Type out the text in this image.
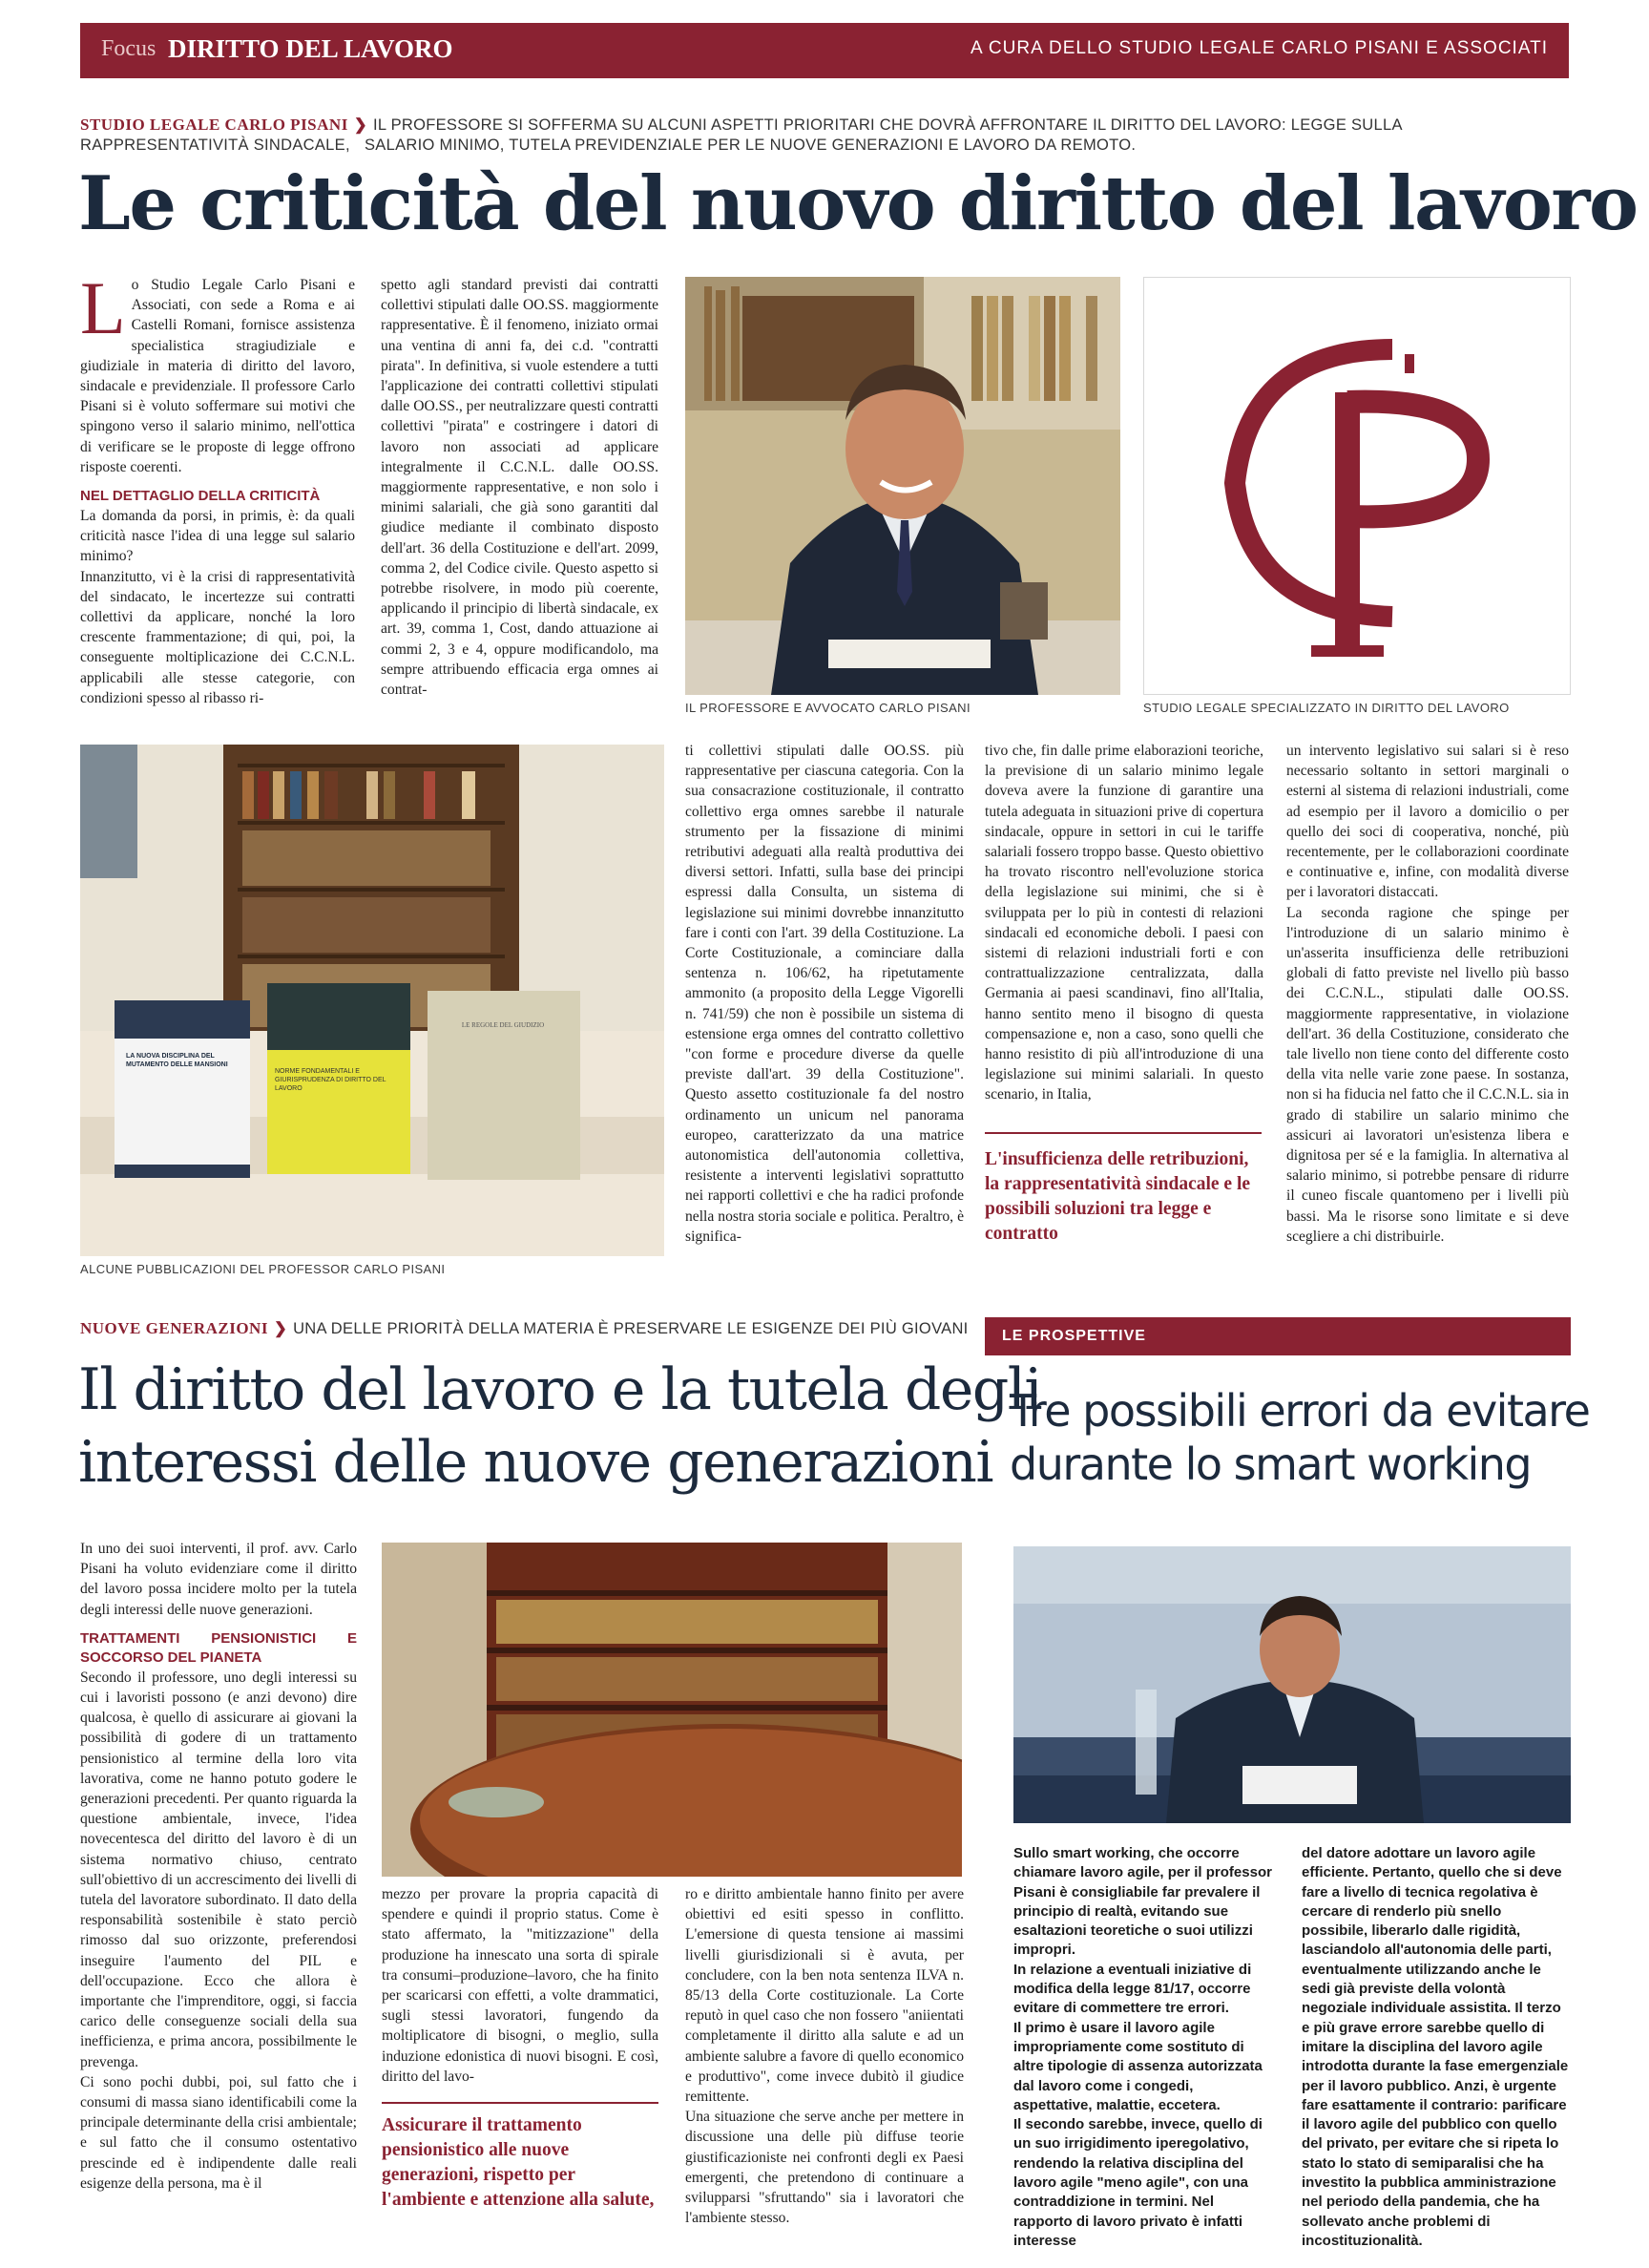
Focus DIRITTO DEL LAVORO	A CURA DELLO STUDIO LEGALE CARLO PISANI E ASSOCIATI
STUDIO LEGALE CARLO PISANI ❯ IL PROFESSORE SI SOFFERMA SU ALCUNI ASPETTI PRIORITARI CHE DOVRÀ AFFRONTARE IL DIRITTO DEL LAVORO: LEGGE SULLA RAPPRESENTATIVITÀ SINDACALE, SALARIO MINIMO, TUTELA PREVIDENZIALE PER LE NUOVE GENERAZIONI E LAVORO DA REMOTO.
Le criticità del nuovo diritto del lavoro

Lo Studio Legale Carlo Pisani e Associati, con sede a Roma e ai Castelli Romani, fornisce assistenza specialistica stragiudiziale e giudiziale in materia di diritto del lavoro, sindacale e previdenziale. Il professore Carlo Pisani si è voluto soffermare sui motivi che spingono verso il salario minimo, nell'ottica di verificare se le proposte di legge offrono risposte coerenti.

NEL DETTAGLIO DELLA CRITICITÀ

La domanda da porsi, in primis, è: da quali criticità nasce l'idea di una legge sul salario minimo?

Innanzitutto, vi è la crisi di rappresentatività del sindacato, le incertezze sui contratti collettivi da applicare, nonché la loro crescente frammentazione; di qui, poi, la conseguente moltiplicazione dei C.C.N.L. applicabili alle stesse categorie, con condizioni spesso al ribasso ri-

spetto agli standard previsti dai contratti collettivi stipulati dalle OO.SS. maggiormente rappresentative. È il fenomeno, iniziato ormai una ventina di anni fa, dei c.d. "contratti pirata". In definitiva, si vuole estendere a tutti l'applicazione dei contratti collettivi stipulati dalle OO.SS., per neutralizzare questi contratti collettivi "pirata" e costringere i datori di lavoro non associati ad applicare integralmente il C.C.N.L. dalle OO.SS. maggiormente rappresentative, e non solo i minimi salariali, che già sono garantiti dal giudice mediante il combinato disposto dell'art. 36 della Costituzione e dell'art. 2099, comma 2, del Codice civile. Questo aspetto si potrebbe risolvere, in modo più coerente, applicando il principio di libertà sindacale, ex art. 39, comma 1, Cost, dando attuazione ai commi 2, 3 e 4, oppure modificandolo, ma sempre attribuendo efficacia erga omnes ai contrat-
IL PROFESSORE E AVVOCATO CARLO PISANI	STUDIO LEGALE SPECIALIZZATO IN DIRITTO DEL LAVORO
LA NUOVA DISCIPLINA DEL MUTAMENTO DELLE MANSIONI
NORME FONDAMENTALI E GIURISPRUDENZA DI DIRITTO DEL LAVORO
LE REGOLE DEL GIUDIZIO
ALCUNE PUBBLICAZIONI DEL PROFESSOR CARLO PISANI
ti collettivi stipulati dalle OO.SS. più rappresentative per ciascuna categoria. Con la sua consacrazione costituzionale, il contratto collettivo erga omnes sarebbe il naturale strumento per la fissazione di minimi retributivi adeguati alla realtà produttiva dei diversi settori. Infatti, sulla base dei principi espressi dalla Consulta, un sistema di legislazione sui minimi dovrebbe innanzitutto fare i conti con l'art. 39 della Costituzione. La Corte Costituzionale, a cominciare dalla sentenza n. 106/62, ha ripetutamente ammonito (a proposito della Legge Vigorelli n. 741/59) che non è possibile un sistema di estensione erga omnes del contratto collettivo "con forme e procedure diverse da quelle previste dall'art. 39 della Costituzione". Questo assetto costituzionale fa del nostro ordinamento un unicum nel panorama europeo, caratterizzato da una matrice autonomistica dell'autonomia collettiva, resistente a interventi legislativi soprattutto nei rapporti collettivi e che ha radici profonde nella nostra storia sociale e politica. Peraltro, è significa-
tivo che, fin dalle prime elaborazioni teoriche, la previsione di un salario minimo legale doveva avere la funzione di garantire una tutela adeguata in situazioni prive di copertura sindacale, oppure in settori in cui le tariffe salariali fossero troppo basse. Questo obiettivo ha trovato riscontro nell'evoluzione storica della legislazione sui minimi, che si è sviluppata per lo più in contesti di relazioni sindacali ed economiche deboli. I paesi con sistemi di relazioni industriali forti e con contrattualizzazione centralizzata, dalla Germania ai paesi scandinavi, fino all'Italia, hanno sentito meno il bisogno di questa compensazione e, non a caso, sono quelli che hanno resistito di più all'introduzione di una legislazione sui minimi salariali. In questo scenario, in Italia,
L'insufficienza delle retribuzioni, la rappresentatività sindacale e le possibili soluzioni tra legge e contratto

un intervento legislativo sui salari si è reso necessario soltanto in settori marginali o esterni al sistema di relazioni industriali, come ad esempio per il lavoro a domicilio o per quello dei soci di cooperativa, nonché, più recentemente, per le collaborazioni coordinate e continuative e, infine, con modalità diverse per i lavoratori distaccati.

La seconda ragione che spinge per l'introduzione di un salario minimo è un'asserita insufficienza delle retribuzioni globali di fatto previste nel livello più basso dei C.C.N.L., stipulati dalle OO.SS. maggiormente rappresentative, in violazione dell'art. 36 della Costituzione, considerato che tale livello non tiene conto del differente costo della vita nelle varie zone paese. In sostanza, non si ha fiducia nel fatto che il C.C.N.L. sia in grado di stabilire un salario minimo che assicuri ai lavoratori un'esistenza libera e dignitosa per sé e la famiglia. In alternativa al salario minimo, si potrebbe pensare di ridurre il cuneo fiscale quantomeno per i livelli più bassi. Ma le risorse sono limitate e si deve scegliere a chi distribuirle.

NUOVE GENERAZIONI ❯ UNA DELLE PRIORITÀ DELLA MATERIA È PRESERVARE LE ESIGENZE DEI PIÙ GIOVANI
Il diritto del lavoro e la tutela degli
interessi delle nuove generazioni

In uno dei suoi interventi, il prof. avv. Carlo Pisani ha voluto evidenziare come il diritto del lavoro possa incidere molto per la tutela degli interessi delle nuove generazioni.

TRATTAMENTI PENSIONISTICI E SOCCORSO DEL PIANETA

Secondo il professore, uno degli interessi su cui i lavoristi possono (e anzi devono) dire qualcosa, è quello di assicurare ai giovani la possibilità di godere di un trattamento pensionistico al termine della loro vita lavorativa, come ne hanno potuto godere le generazioni precedenti. Per quanto riguarda la questione ambientale, invece, l'idea novecentesca del diritto del lavoro è di un sistema normativo chiuso, centrato sull'obiettivo di un accrescimento dei livelli di tutela del lavoratore subordinato. Il dato della responsabilità sostenibile è stato perciò rimosso dal suo orizzonte, preferendosi inseguire l'aumento del PIL e dell'occupazione. Ecco che allora è importante che l'imprenditore, oggi, si faccia carico delle conseguenze sociali della sua inefficienza, e prima ancora, possibilmente le prevenga.

Ci sono pochi dubbi, poi, sul fatto che i consumi di massa siano identificabili come la principale determinante della crisi ambientale; e sul fatto che il consumo ostentativo prescinde ed è indipendente dalle reali esigenze della persona, ma è il

mezzo per provare la propria capacità di spendere e quindi il proprio status. Come è stato affermato, la "mitizzazione" della produzione ha innescato una sorta di spirale tra consumi–produzione–lavoro, che ha finito per scaricarsi con effetti, a volte drammatici, sugli stessi lavoratori, fungendo da moltiplicatore di bisogni, o meglio, sulla induzione edonistica di nuovi bisogni. E così, diritto del lavo-
Assicurare il trattamento pensionistico alle nuove generazioni, rispetto per l'ambiente e attenzione alla salute,

ro e diritto ambientale hanno finito per avere obiettivi ed esiti spesso in conflitto. L'emersione di questa tensione ai massimi livelli giurisdizionali si è avuta, per concludere, con la ben nota sentenza ILVA n. 85/13 della Corte costituzionale. La Corte reputò in quel caso che non fossero "aniientati completamente il diritto alla salute e ad un ambiente salubre a favore di quello economico e produttivo", come invece dubitò il giudice remittente.

Una situazione che serve anche per mettere in discussione una delle più diffuse teorie giustificazioniste nei confronti degli ex Paesi emergenti, che pretendono di continuare a svilupparsi "sfruttando" sia i lavoratori che l'ambiente stesso.

LE PROSPETTIVE
Tre possibili errori da evitare
durante lo smart working
Sullo smart working, che occorre chiamare lavoro agile, per il professor Pisani è consigliabile far prevalere il principio di realtà, evitando sue esaltazioni teoretiche o suoi utilizzi impropri.
In relazione a eventuali iniziative di modifica della legge 81/17, occorre evitare di commettere tre errori.
Il primo è usare il lavoro agile impropriamente come sostituto di altre tipologie di assenza autorizzata dal lavoro come i congedi, aspettative, malattie, eccetera.
Il secondo sarebbe, invece, quello di un suo irrigidimento iperegolativo, rendendo la relativa disciplina del lavoro agile "meno agile", con una contraddizione in termini. Nel rapporto di lavoro privato è infatti interesse
del datore adottare un lavoro agile efficiente. Pertanto, quello che si deve fare a livello di tecnica regolativa è cercare di renderlo più snello possibile, liberarlo dalle rigidità, lasciandolo all'autonomia delle parti, eventualmente utilizzando anche le sedi già previste della volontà negoziale individuale assistita. Il terzo e più grave errore sarebbe quello di imitare la disciplina del lavoro agile introdotta durante la fase emergenziale per il lavoro pubblico. Anzi, è urgente fare esattamente il contrario: parificare il lavoro agile del pubblico con quello del privato, per evitare che si ripeta lo stato lo stato di semiparalisi che ha investito la pubblica amministrazione nel periodo della pandemia, che ha sollevato anche problemi di incostituzionalità.
